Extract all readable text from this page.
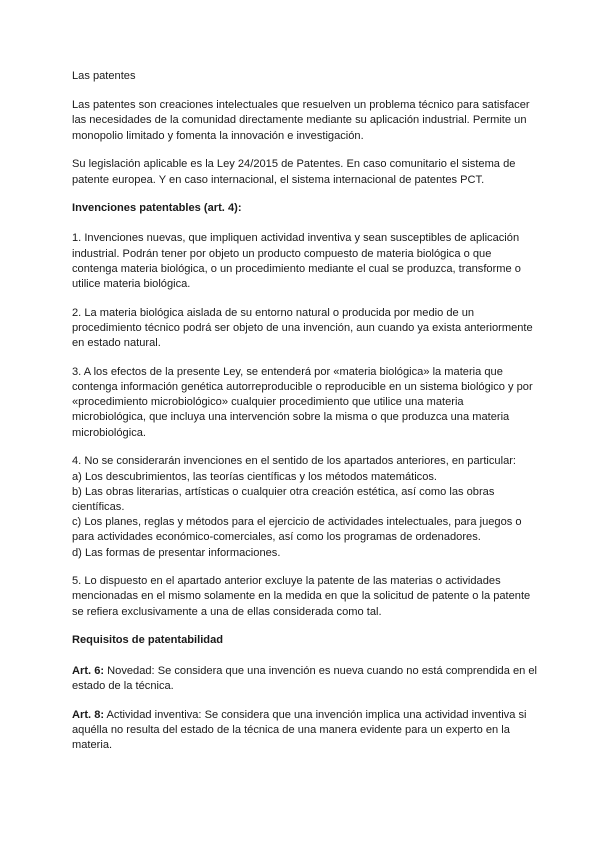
Las patentes

Las patentes son creaciones intelectuales que resuelven un problema técnico para satisfacer las necesidades de la comunidad directamente mediante su aplicación industrial. Permite un monopolio limitado y fomenta la innovación e investigación.

Su legislación aplicable es la Ley 24/2015 de Patentes. En caso comunitario el sistema de patente europea. Y en caso internacional, el sistema internacional de patentes PCT.

Invenciones patentables (art. 4):

1. Invenciones nuevas, que impliquen actividad inventiva y sean susceptibles de aplicación industrial. Podrán tener por objeto un producto compuesto de materia biológica o que contenga materia biológica, o un procedimiento mediante el cual se produzca, transforme o utilice materia biológica.

2. La materia biológica aislada de su entorno natural o producida por medio de un procedimiento técnico podrá ser objeto de una invención, aun cuando ya exista anteriormente en estado natural.

3. A los efectos de la presente Ley, se entenderá por «materia biológica» la materia que contenga información genética autorreproducible o reproducible en un sistema biológico y por «procedimiento microbiológico» cualquier procedimiento que utilice una materia microbiológica, que incluya una intervención sobre la misma o que produzca una materia microbiológica.

4. No se considerarán invenciones en el sentido de los apartados anteriores, en particular:

a) Los descubrimientos, las teorías científicas y los métodos matemáticos.

b) Las obras literarias, artísticas o cualquier otra creación estética, así como las obras científicas.

c) Los planes, reglas y métodos para el ejercicio de actividades intelectuales, para juegos o para actividades económico-comerciales, así como los programas de ordenadores.

d) Las formas de presentar informaciones.

5. Lo dispuesto en el apartado anterior excluye la patente de las materias o actividades mencionadas en el mismo solamente en la medida en que la solicitud de patente o la patente se refiera exclusivamente a una de ellas considerada como tal.

Requisitos de patentabilidad

Art. 6: Novedad: Se considera que una invención es nueva cuando no está comprendida en el estado de la técnica.

Art. 8: Actividad inventiva: Se considera que una invención implica una actividad inventiva si aquélla no resulta del estado de la técnica de una manera evidente para un experto en la materia.
